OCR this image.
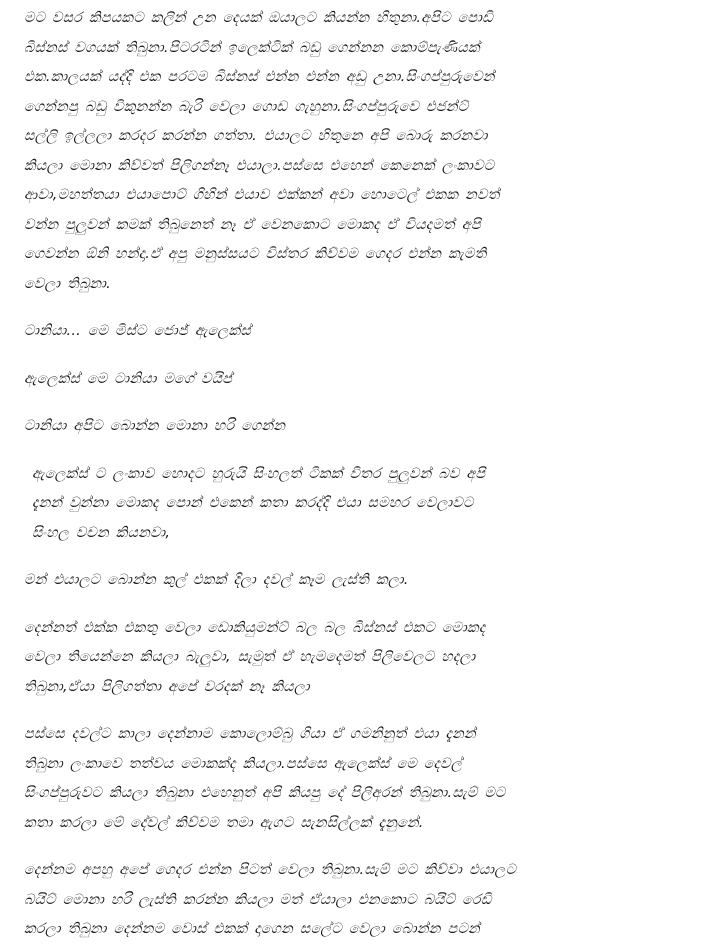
මට වසර කිපයකට කලින් උන දෙයක් ඔයාලට කියන්න හිතුනා.අපිට පොඩි
බිස්නස් වගයක් තිබුනා.පිටරටින් ඉලෙක්ටික් බඩු ගෙන්නන කොම්පැණියක්
එක.කාලයක් යද්දි එක පරටම බිස්නස් එන්න එන්න අඩු උනා.සිංගප්පුරුවෙන්
ගෙන්නපු බඩු විකුනන්න බැරි වෙලා ගොඩ ගැහුනා.සිංගප්පුරුවෙ එජන්ට්
සල්ලි ඉල්ලලා කරදර කරන්න ගත්තා. එයාලට හිතුනෙ අපි බොරු කරනවා
කියලා මොනා කිව්වත් පිලිගන්නෑ එයාලා.පස්සෙ එහෙන් කෙනෙක් ලංකාවට
ආවා,මහත්තයා එයාපොට් ගිහින් එයාව එක්කන් අවා හොටෙල් එකක නවත්
වන්න පුලුවන් කමක් තිබුනෙත් නෑ ඒ වෙනකොට මොකද ඒ වියදමත් අපි
ගෙවන්න ඕනි හන්දා.ඒ අපු මනුස්සයට විස්තර කිව්වම ගෙදර එන්න කැමති
වෙලා තිබුනා.
ටානියා... මෙ මිස්ට ජොජ් ඇලෙක්ස්
ඇලෙක්ස් මෙ ටානියා මගේ වයිප්
ටානියා අපිට බොන්න මොනා හරි ගෙන්න
ඇලෙක්ස් ට ලංකාව හොදට හුරුයි සිංහලත් ටිකක් විතර පුලුවන් බව අපි
දැනන් වුන්නා මොකද පොන් එකෙන් කතා කරද්දි එයා සමහර වෙලාවට
සිංහල වචන කියනවා,
මන් එයාලට බොන්න කුල් එකක් දිලා දවල් කෑම ලැස්ති කලා.
දෙන්නත් එක්ක එකතු වෙලා ඩොකියුමන්ට් බල බල බිස්නස් එකට මොකද
වෙලා තියෙන්නෙ කියලා බැලුවා, සැමුත් ඒ හැමදෙමත් පිලිවෙලට හදලා
තිබුනා,ඒයා පිලිගත්තා අපේ වරදක් නෑ කියලා
පස්සෙ දවල්ට කාලා දෙන්නාම කොලොම්බු ගියා ඒ ගමනිනුත් එයා දැනන්
තිබුනා ලංකාවෙ තත්වය මොකක්ද කියලා.පස්සෙ ඇලෙක්ස් මෙ දෙවල්
සිංගප්පුරුවට කියලා තිබුනා එහෙනුත් අපි කියපු දේ පිලිඅරන් තිබුනා.සැම් මට
කතා කරලා මේ දේවල් කිව්වම තමා ඇගට සැනසිල්ලක් දැනුනේ.
දෙන්නම අපහු අපේ ගෙදර එන්න පිටත් වෙලා තිබුනා.සැම් මට කිව්වා එයාලට
බයිට් මොනා හරි ලැස්ති කරන්න කියලා මත් ඒයාලා එනකොට බයිට් රෙඩි
කරලා තිබුනා දෙන්නම වොස් එකක් දාගෙන සලේට වෙලා බොන්න පටන්
